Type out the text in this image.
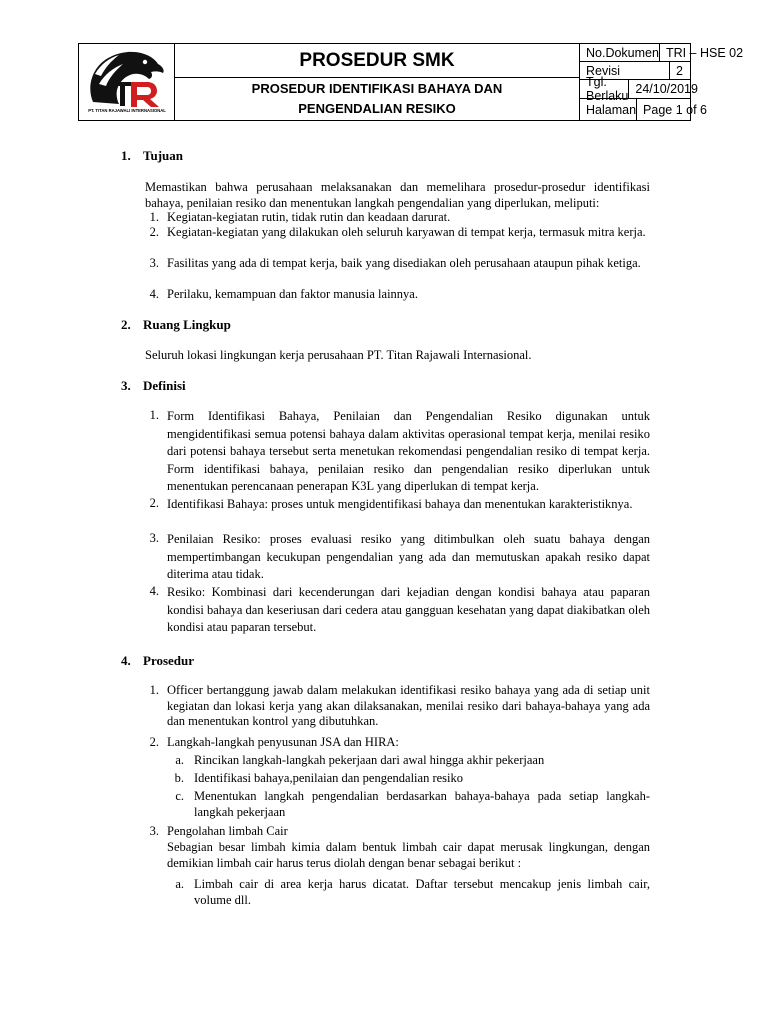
PT. TITAN RAJAWALI INTERNASIONAL
PROSEDUR SMK
PROSEDUR IDENTIFIKASI BAHAYA DAN
PENGENDALIAN RESIKO
No.Dokumen TRI – HSE 02
Revisi	2
Tgl. Berlaku 24/10/2019
Halaman Page 1 of 6
1. Tujuan
Memastikan bahwa perusahaan melaksanakan dan memelihara prosedur-prosedur identifikasi bahaya, penilaian resiko dan menentukan langkah pengendalian yang diperlukan, meliputi:
1. Kegiatan-kegiatan rutin, tidak rutin dan keadaan darurat.
2. Kegiatan-kegiatan yang dilakukan oleh seluruh karyawan di tempat kerja, termasuk mitra kerja.
3. Fasilitas yang ada di tempat kerja, baik yang disediakan oleh perusahaan ataupun pihak ketiga.
4. Perilaku, kemampuan dan faktor manusia lainnya.
2. Ruang Lingkup
Seluruh lokasi lingkungan kerja perusahaan PT. Titan Rajawali Internasional.
3. Definisi
1. Form Identifikasi Bahaya, Penilaian dan Pengendalian Resiko digunakan untuk mengidentifikasi semua potensi bahaya dalam aktivitas operasional tempat kerja, menilai resiko dari potensi bahaya tersebut serta menetukan rekomendasi pengendalian resiko di tempat kerja. Form identifikasi bahaya, penilaian resiko dan pengendalian resiko diperlukan untuk menentukan perencanaan penerapan K3L yang diperlukan di tempat kerja.
2. Identifikasi Bahaya: proses untuk mengidentifikasi bahaya dan menentukan karakteristiknya.
3. Penilaian Resiko: proses evaluasi resiko yang ditimbulkan oleh suatu bahaya dengan mempertimbangan kecukupan pengendalian yang ada dan memutuskan apakah resiko dapat diterima atau tidak.
4. Resiko: Kombinasi dari kecenderungan dari kejadian dengan kondisi bahaya atau paparan kondisi bahaya dan keseriusan dari cedera atau gangguan kesehatan yang dapat diakibatkan oleh kondisi atau paparan tersebut.
4. Prosedur
1. Officer bertanggung jawab dalam melakukan identifikasi resiko bahaya yang ada di setiap unit kegiatan dan lokasi kerja yang akan dilaksanakan, menilai resiko dari bahaya-bahaya yang ada dan menentukan kontrol yang dibutuhkan.
2. Langkah-langkah penyusunan JSA dan HIRA:
a. Rincikan langkah-langkah pekerjaan dari awal hingga akhir pekerjaan
b. Identifikasi bahaya,penilaian dan pengendalian resiko
c. Menentukan langkah pengendalian berdasarkan bahaya-bahaya pada setiap langkah-langkah pekerjaan
3. Pengolahan limbah Cair
Sebagian besar limbah kimia dalam bentuk limbah cair dapat merusak lingkungan, dengan demikian limbah cair harus terus diolah dengan benar sebagai berikut :
a. Limbah cair di area kerja harus dicatat. Daftar tersebut mencakup jenis limbah cair, volume dll.
